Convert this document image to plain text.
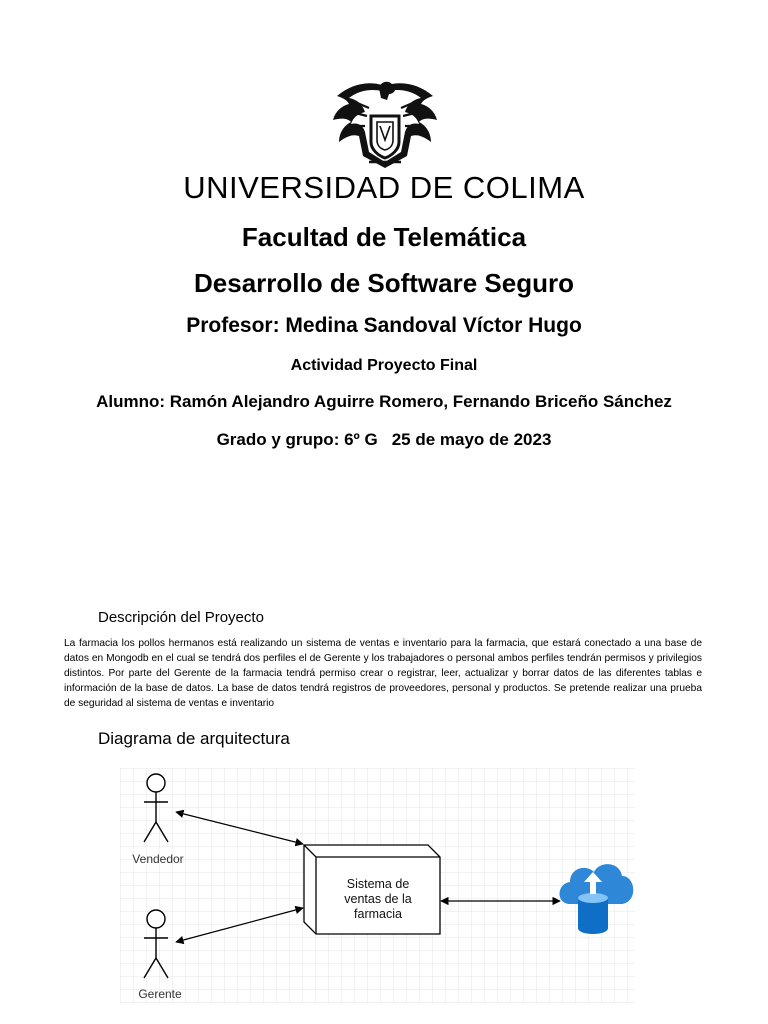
UNIVERSIDAD DE COLIMA
Facultad de Telemática
Desarrollo de Software Seguro
Profesor: Medina Sandoval Víctor Hugo
Actividad Proyecto Final
Alumno: Ramón Alejandro Aguirre Romero, Fernando Briceño Sánchez
Grado y grupo: 6º G 25 de mayo de 2023
Descripción del Proyecto
La farmacia los pollos hermanos está realizando un sistema de ventas e inventario para la farmacia, que estará conectado a una base de datos en Mongodb en el cual se tendrá dos perfiles el de Gerente y los trabajadores o personal ambos perfiles tendrán permisos y privilegios distintos. Por parte del Gerente de la farmacia tendrá permiso crear o registrar, leer, actualizar y borrar datos de las diferentes tablas e información de la base de datos. La base de datos tendrá registros de proveedores, personal y productos. Se pretende realizar una prueba de seguridad al sistema de ventas e inventario
Diagrama de arquitectura
Vendedor
Gerente
Sistema de
ventas de la
farmacia
